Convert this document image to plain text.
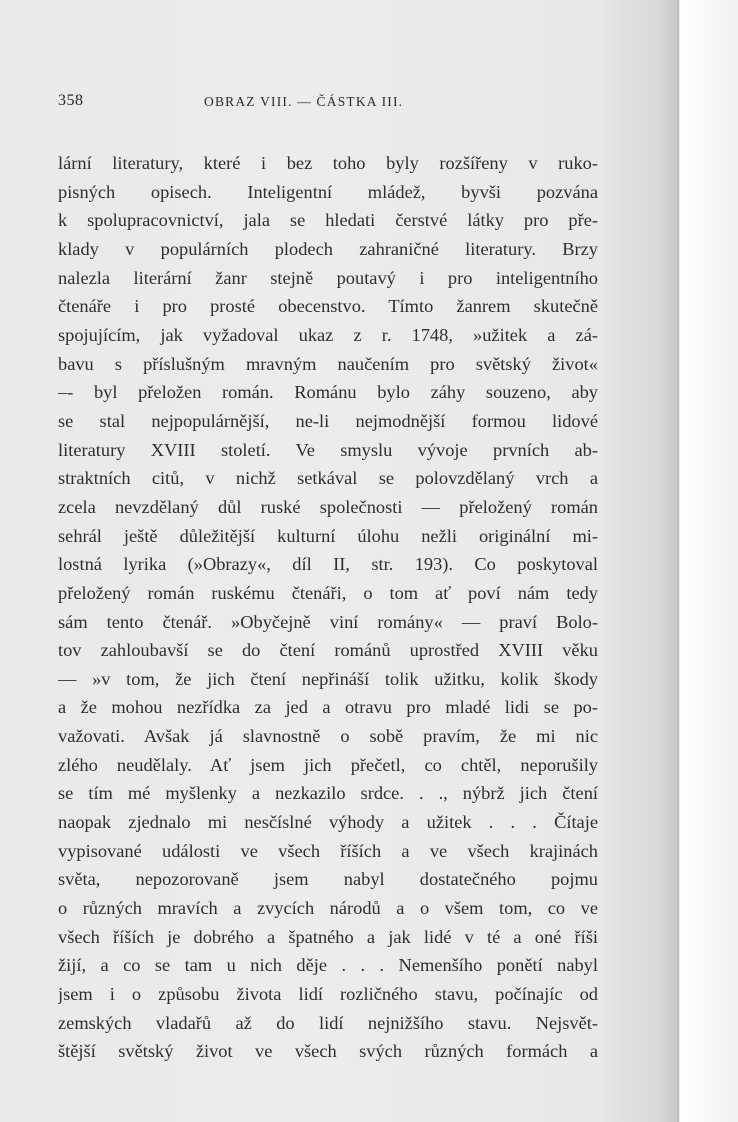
358	OBRAZ VIII. — ČÁSTKA III.
lární literatury, které i bez toho byly rozšířeny v ruko-
pisných opisech. Inteligentní mládež, byvši pozvána
k spolupracovnictví, jala se hledati čerstvé látky pro pře-
klady v populárních plodech zahraničné literatury. Brzy
nalezla literární žanr stejně poutavý i pro inteligentního
čtenáře i pro prosté obecenstvo. Tímto žanrem skutečně
spojujícím, jak vyžadoval ukaz z r. 1748, »užitek a zá-
bavu s příslušným mravným naučením pro světský život«
–- byl přeložen román. Románu bylo záhy souzeno, aby
se stal nejpopulárnější, ne-li nejmodnější formou lidové
literatury XVIII století. Ve smyslu vývoje prvních ab-
straktních citů, v nichž setkával se polovzdělaný vrch a
zcela nevzdělaný důl ruské společnosti — přeložený román
sehrál ještě důležitější kulturní úlohu nežli originální mi-
lostná lyrika (»Obrazy«, díl II, str. 193). Co poskytoval
přeložený román ruskému čtenáři, o tom ať poví nám tedy
sám tento čtenář. »Obyčejně viní romány« — praví Bolo-
tov zahloubavší se do čtení románů uprostřed XVIII věku
— »v tom, že jich čtení nepřináší tolik užitku, kolik škody
a že mohou nezřídka za jed a otravu pro mladé lidi se po-
važovati. Avšak já slavnostně o sobě pravím, že mi nic
zlého neudělaly. Ať jsem jich přečetl, co chtěl, neporušily
se tím mé myšlenky a nezkazilo srdce. . ., nýbrž jich čtení
naopak zjednalo mi nesčíslné výhody a užitek . . . Čítaje
vypisované události ve všech říších a ve všech krajinách
světa, nepozorovaně jsem nabyl dostatečného pojmu
o různých mravích a zvycích národů a o všem tom, co ve
všech říších je dobrého a špatného a jak lidé v té a oné říši
žijí, a co se tam u nich děje . . . Nemenšího ponětí nabyl
jsem i o způsobu života lidí rozličného stavu, počínajíc od
zemských vladařů až do lidí nejnižšího stavu. Nejsvět-
štější světský život ve všech svých různých formách a
